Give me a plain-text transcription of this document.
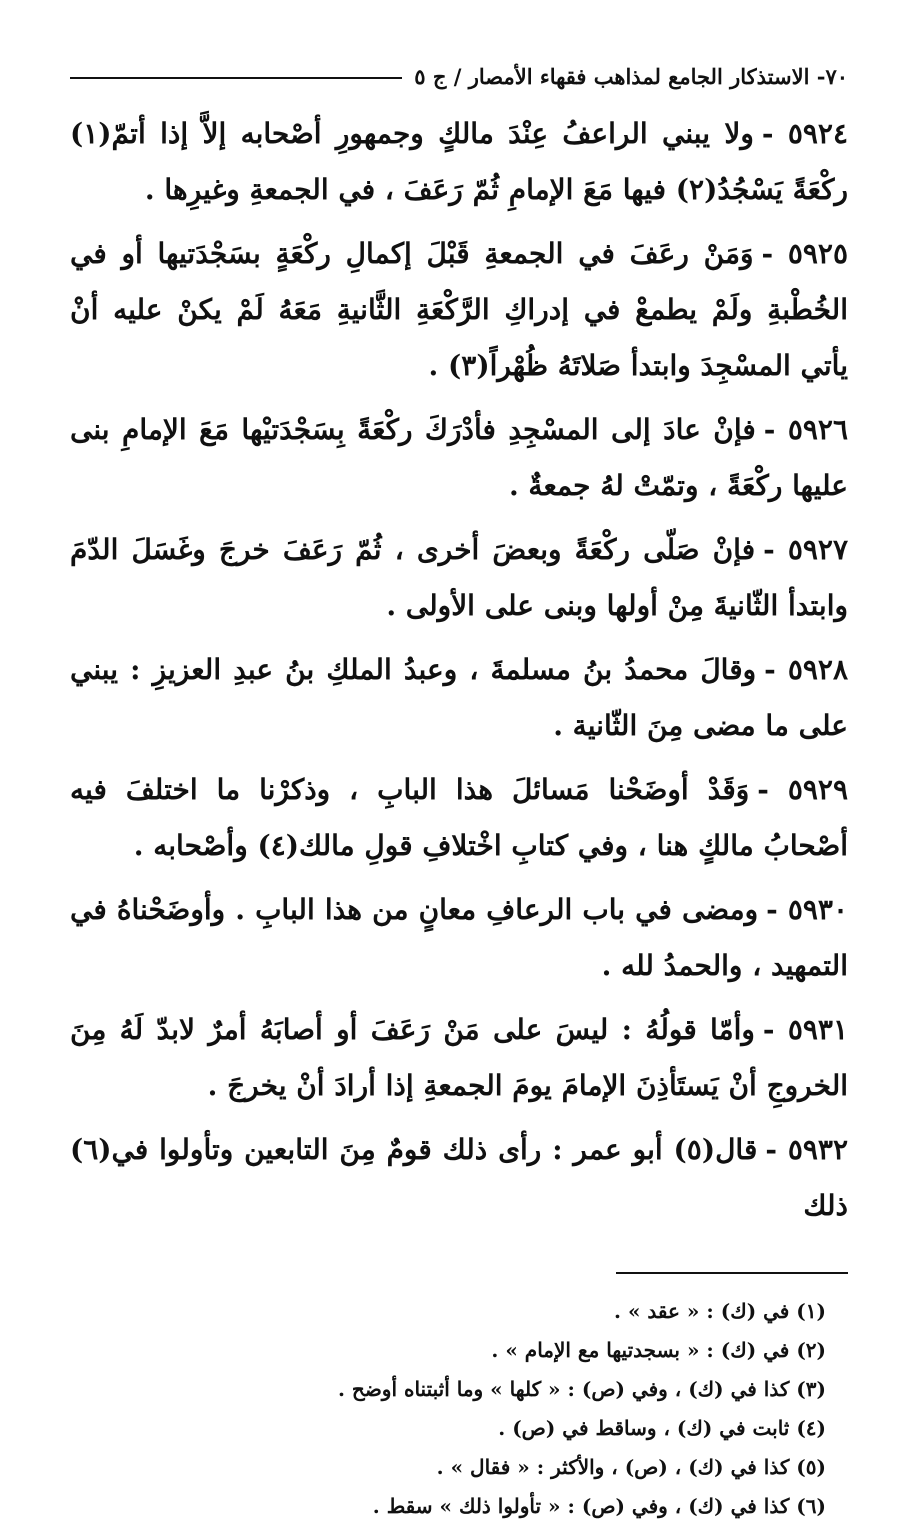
٧٠- الاستذكار الجامع لمذاهب فقهاء الأمصار / ج ٥

٥٩٢٤ -ولا يبني الراعفُ عِنْدَ مالكٍ وجمهورِ أصْحابه إلاَّ إذا أتمّ(١) ركْعَةً يَسْجُدُ(٢) فيها مَعَ الإمامِ ثُمّ رَعَفَ ، في الجمعةِ وغيرِها .

٥٩٢٥ -وَمَنْ رعَفَ في الجمعةِ قَبْلَ إكمالِ ركْعَةٍ بسَجْدَتيها أو في الخُطْبةِ ولَمْ يطمعْ في إدراكِ الرَّكْعَةِ الثَّانيةِ مَعَهُ لَمْ يكنْ عليه أنْ يأتي المسْجِدَ وابتدأ صَلاتَهُ ظُهْراً(٣) .

٥٩٢٦ -فإنْ عادَ إلى المسْجِدِ فأدْرَكَ ركْعَةً بِسَجْدَتيْها مَعَ الإمامِ بنى عليها ركْعَةً ، وتمّتْ لهُ جمعةٌ .

٥٩٢٧ -فإنْ صَلّى ركْعَةً وبعضَ أخرى ، ثُمّ رَعَفَ خرجَ وغَسَلَ الدّمَ وابتدأ الثّانيةَ مِنْ أولها وبنى على الأولى .

٥٩٢٨ -وقالَ محمدُ بنُ مسلمةَ ، وعبدُ الملكِ بنُ عبدِ العزيزِ : يبني على ما مضى مِنَ الثّانية .

٥٩٢٩ -وَقَدْ أوضَحْنا مَسائلَ هذا البابِ ، وذكرْنا ما اختلفَ فيه أصْحابُ مالكٍ هنا ، وفي كتابِ اخْتلافِ قولِ مالك(٤) وأصْحابه .

٥٩٣٠ -ومضى في باب الرعافِ معانٍ من هذا البابِ . وأوضَحْناهُ في التمهيد ، والحمدُ لله .

٥٩٣١ -وأمّا قولُهُ : ليسَ على مَنْ رَعَفَ أو أصابَهُ أمرٌ لابدّ لَهُ مِنَ الخروجِ أنْ يَستَأذِنَ الإمامَ يومَ الجمعةِ إذا أرادَ أنْ يخرجَ .

٥٩٣٢ -قال(٥) أبو عمر : رأى ذلك قومٌ مِنَ التابعين وتأولوا في(٦) ذلك

(١) في (ك) : « عقد » .
(٢) في (ك) : « بسجدتيها مع الإمام » .
(٣) كذا في (ك) ، وفي (ص) : « كلها » وما أثبتناه أوضح .
(٤) ثابت في (ك) ، وساقط في (ص) .
(٥) كذا في (ك) ، (ص) ، والأكثر : « فقال » .
(٦) كذا في (ك) ، وفي (ص) : « تأولوا ذلك » سقط .
